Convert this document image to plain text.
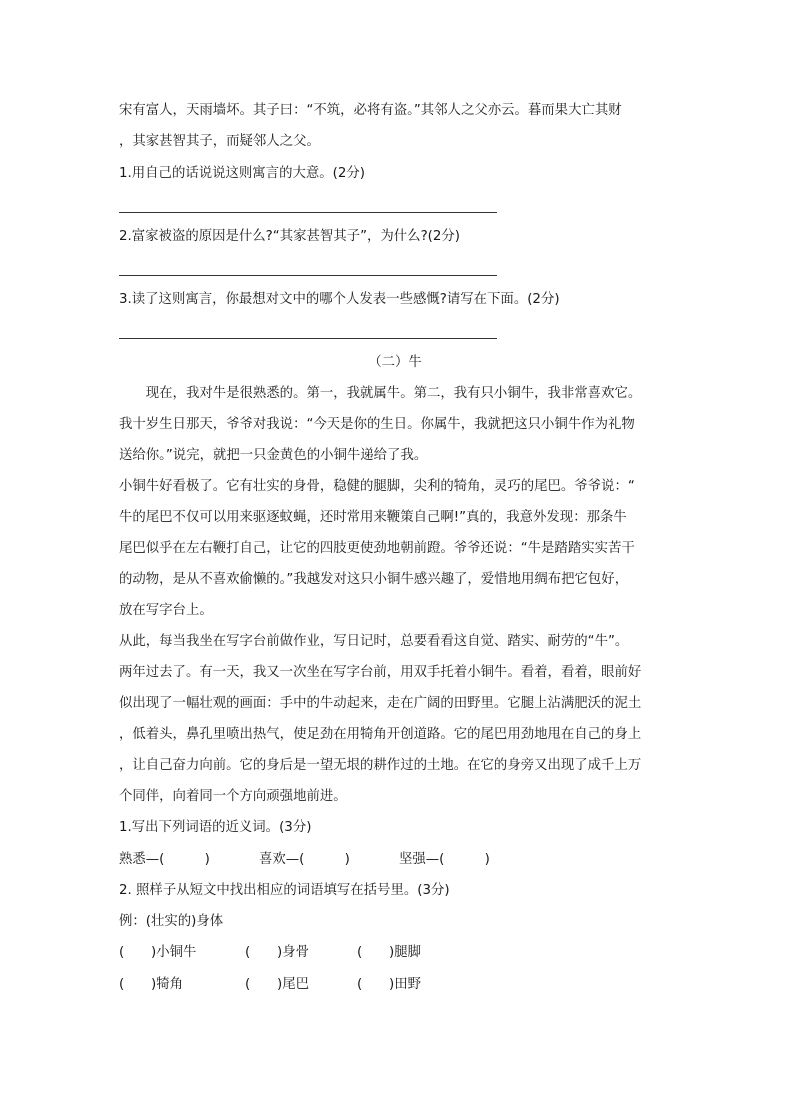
宋有富人，天雨墙坏。其子曰：“不筑，必将有盗。”其邻人之父亦云。暮而果大亡其财

，其家甚智其子，而疑邻人之父。

1.用自己的话说说这则寓言的大意。(2分)

2.富家被盗的原因是什么?“其家甚智其子”，为什么?(2分)

3.读了这则寓言，你最想对文中的哪个人发表一些感慨?请写在下面。(2分)

（二）牛

　　现在，我对牛是很熟悉的。第一，我就属牛。第二，我有只小铜牛，我非常喜欢它。

我十岁生日那天，爷爷对我说：“今天是你的生日。你属牛，我就把这只小铜牛作为礼物

送给你。”说完，就把一只金黄色的小铜牛递给了我。

小铜牛好看极了。它有壮实的身骨，稳健的腿脚，尖利的犄角，灵巧的尾巴。爷爷说：“

牛的尾巴不仅可以用来驱逐蚊蝇，还时常用来鞭策自己啊!”真的，我意外发现：那条牛

尾巴似乎在左右鞭打自己，让它的四肢更使劲地朝前蹬。爷爷还说：“牛是踏踏实实苦干

的动物，是从不喜欢偷懒的。”我越发对这只小铜牛感兴趣了，爱惜地用绸布把它包好，

放在写字台上。

从此，每当我坐在写字台前做作业，写日记时，总要看看这自觉、踏实、耐劳的“牛”。

两年过去了。有一天，我又一次坐在写字台前，用双手托着小铜牛。看着，看着，眼前好

似出现了一幅壮观的画面：手中的牛动起来，走在广阔的田野里。它腿上沾满肥沃的泥土

，低着头，鼻孔里喷出热气，使足劲在用犄角开创道路。它的尾巴用劲地甩在自己的身上

，让自己奋力向前。它的身后是一望无垠的耕作过的土地。在它的身旁又出现了成千上万

个同伴，向着同一个方向顽强地前进。

1.写出下列词语的近义词。(3分)

熟悉—(　　　)	喜欢—(　　　)	坚强—(　　　)

2. 照样子从短文中找出相应的词语填写在括号里。(3分)

例：(壮实的)身体

(　　)小铜牛	(　　)身骨	(　　)腿脚
(　　)犄角	(　　)尾巴	(　　)田野
